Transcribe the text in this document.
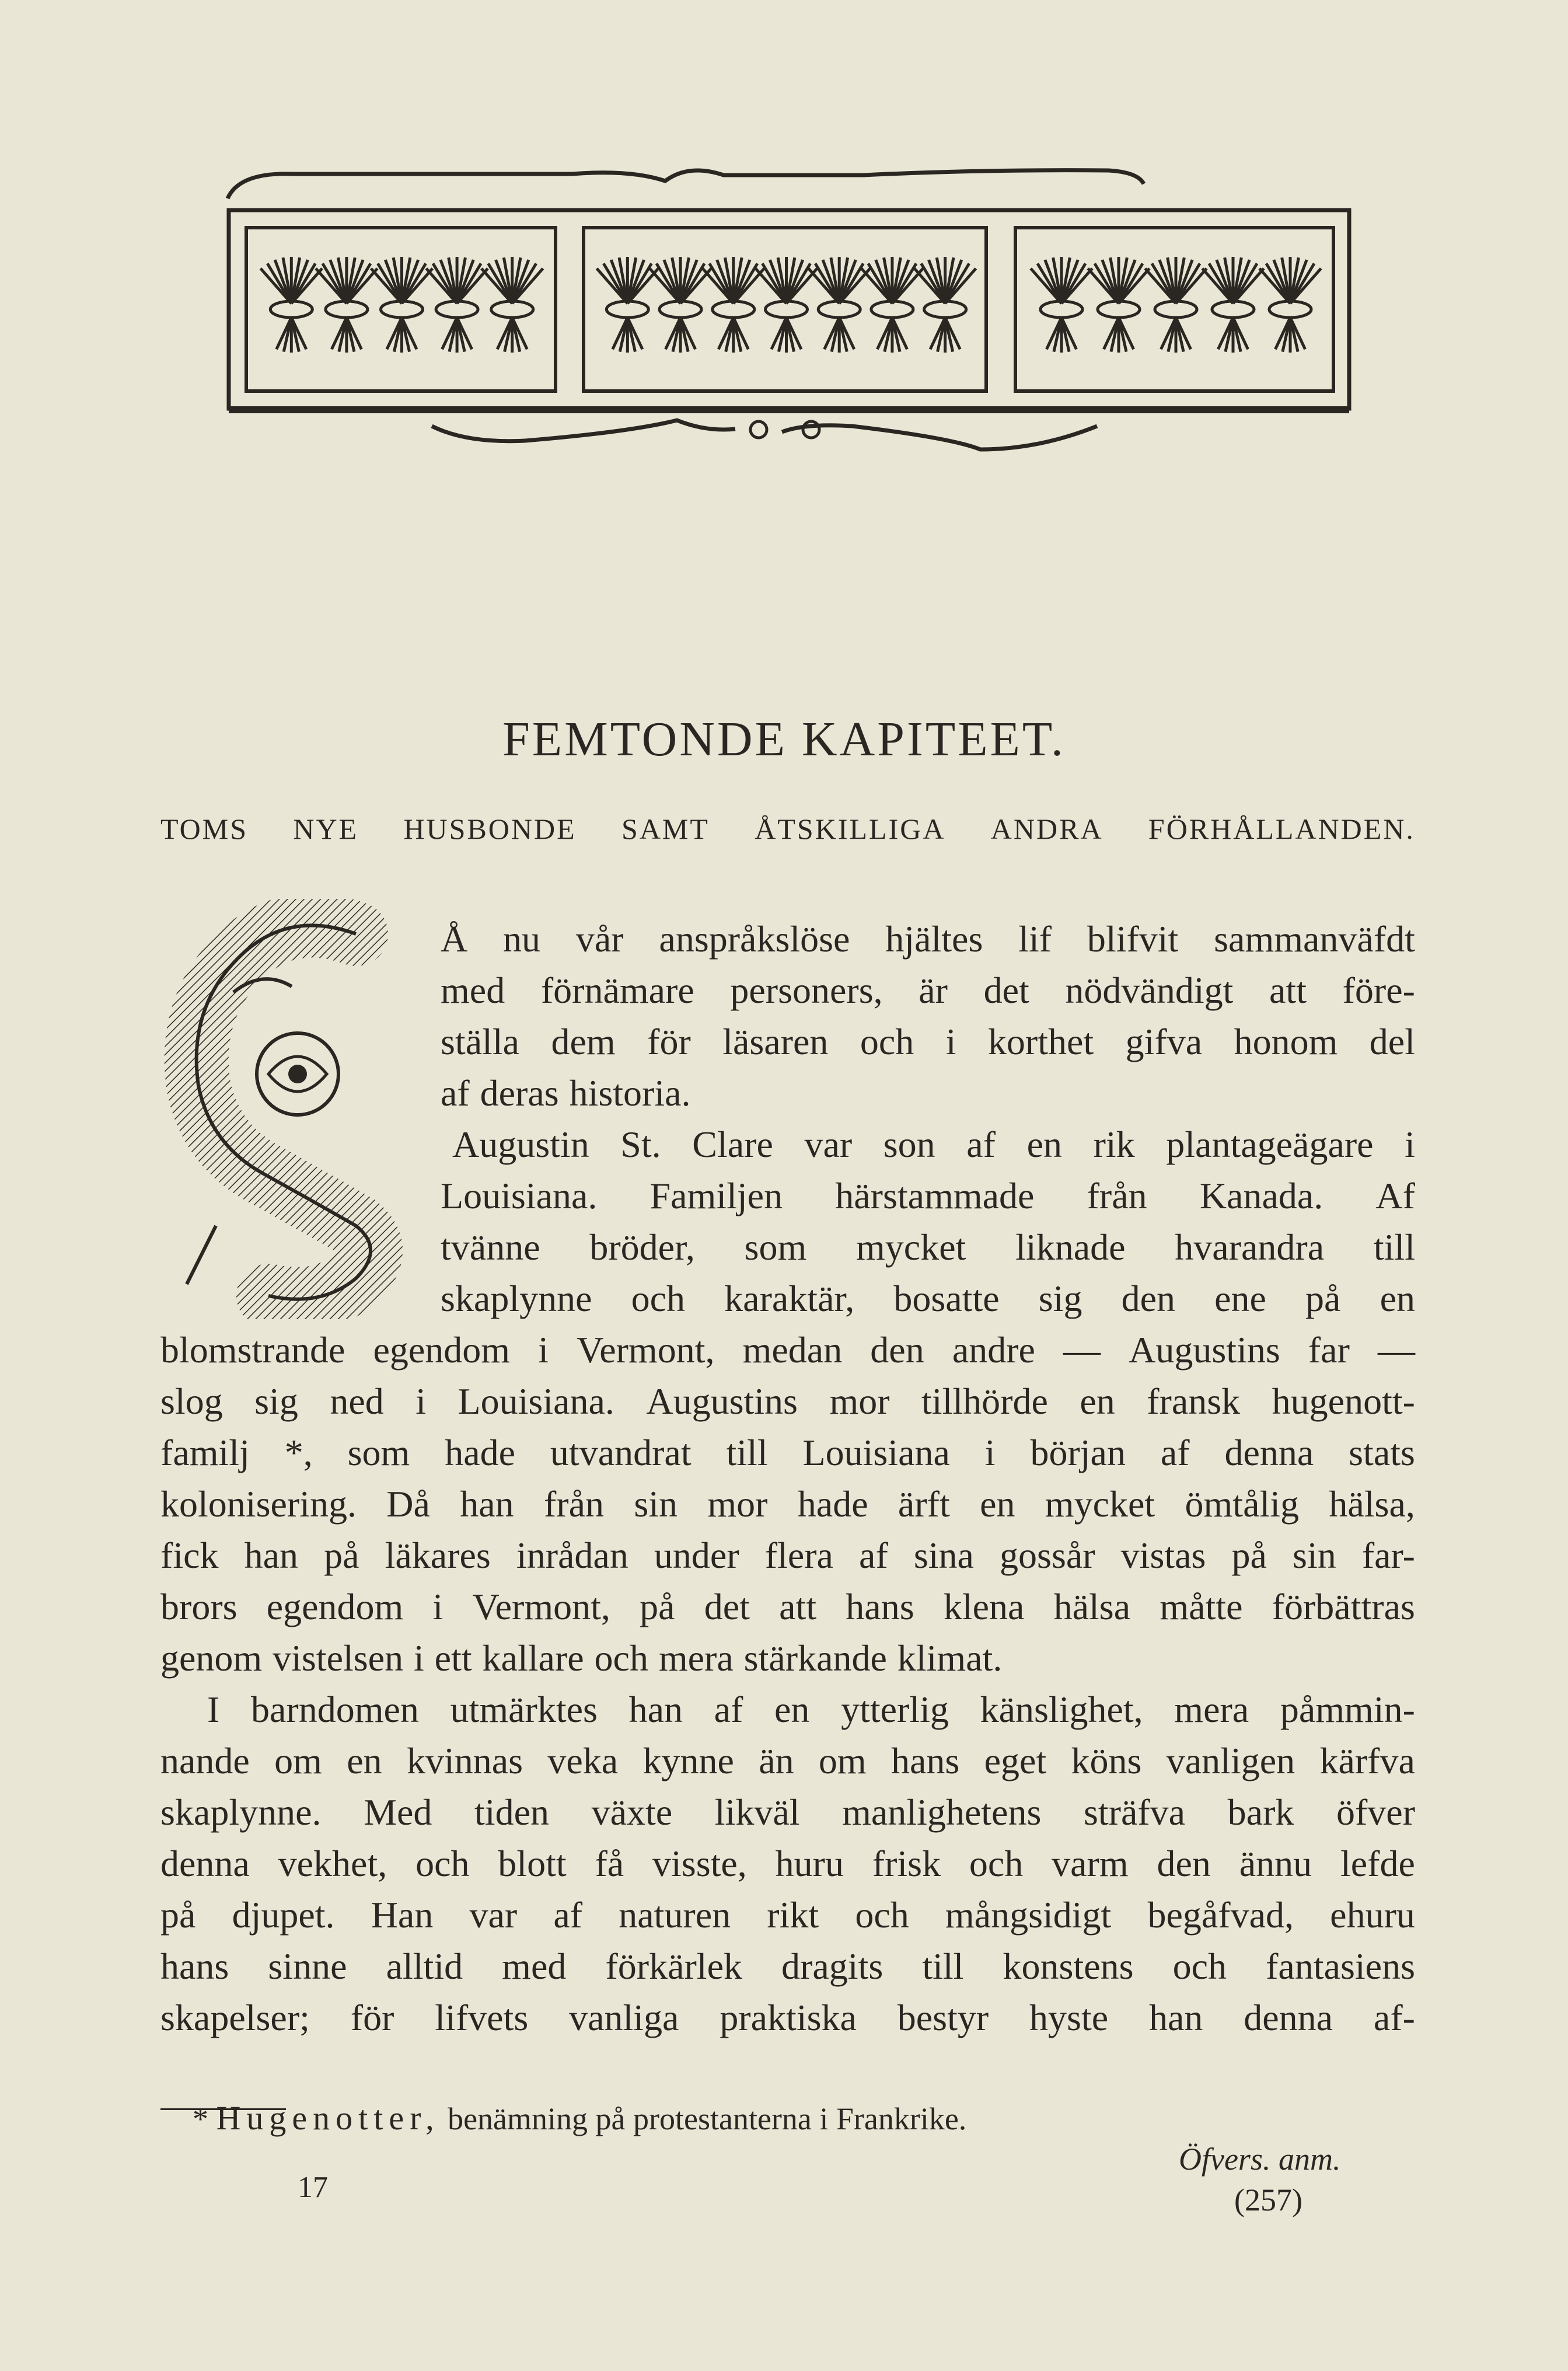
FEMTONDE KAPITEET.
TOMS NYE HUSBONDE SAMT ÅTSKILLIGA ANDRA FÖRHÅLLANDEN.
Å nu vår anspråkslöse hjältes lif blifvit sammanväfdt
med förnämare personers, är det nödvändigt att före-
ställa dem för läsaren och i korthet gifva honom del
af deras historia.
Augustin St. Clare var son af en rik plantageägare i
Louisiana. Familjen härstammade från Kanada. Af
tvänne bröder, som mycket liknade hvarandra till
skaplynne och karaktär, bosatte sig den ene på en
blomstrande egendom i Vermont, medan den andre — Augustins far —
slog sig ned i Louisiana. Augustins mor tillhörde en fransk hugenott-
familj *, som hade utvandrat till Louisiana i början af denna stats
kolonisering. Då han från sin mor hade ärft en mycket ömtålig hälsa,
fick han på läkares inrådan under flera af sina gossår vistas på sin far-
brors egendom i Vermont, på det att hans klena hälsa måtte förbättras
genom vistelsen i ett kallare och mera stärkande klimat.
I barndomen utmärktes han af en ytterlig känslighet, mera påmmin-
nande om en kvinnas veka kynne än om hans eget köns vanligen kärfva
skaplynne. Med tiden växte likväl manlighetens sträfva bark öfver
denna vekhet, och blott få visste, huru frisk och varm den ännu lefde
på djupet. Han var af naturen rikt och mångsidigt begåfvad, ehuru
hans sinne alltid med förkärlek dragits till konstens och fantasiens
skapelser; för lifvets vanliga praktiska bestyr hyste han denna af-
* Hugenotter, benämning på protestanterna i Frankrike.
Öfvers. anm.
17	(257)
